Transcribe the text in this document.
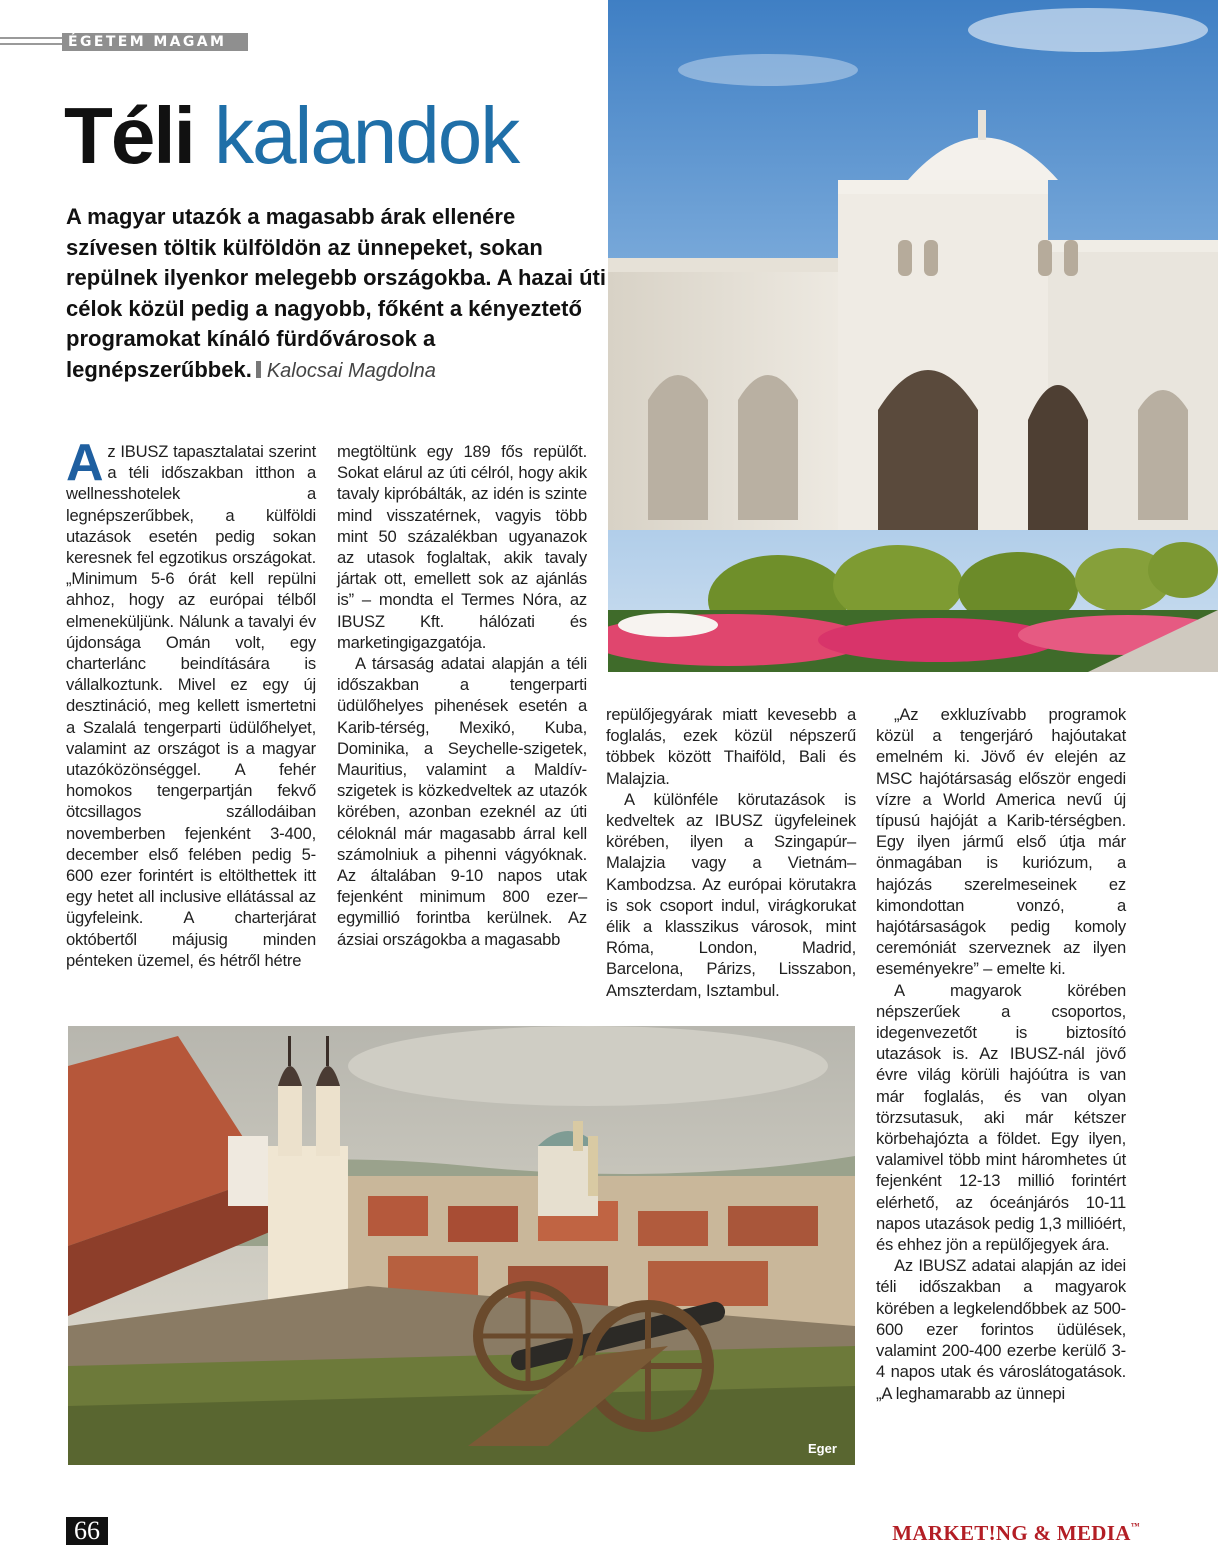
ÉGETEM MAGAM
Téli kalandok
A magyar utazók a magasabb árak ellenére szívesen töltik külföldön az ünnepeket, sokan repülnek ilyenkor melegebb országokba. A hazai úti célok közül pedig a nagyobb, főként a kényeztető programokat kínáló fürdővárosok a legnépszerűbbek. Kalocsai Magdolna

Az IBUSZ tapasztalatai szerint a téli időszakban itthon a wellnesshotelek a legnépszerűbbek, a külföldi utazások esetén pedig sokan keresnek fel egzotikus országokat. „Minimum 5-6 órát kell repülni ahhoz, hogy az európai télből elmeneküljünk. Nálunk a tavalyi év újdonsága Omán volt, egy charterlánc beindítására is vállalkoztunk. Mivel ez egy új desztináció, meg kellett ismertetni a Szalalá tengerparti üdülőhelyet, valamint az országot is a magyar utazóközönséggel. A fehér homokos tengerpartján fekvő ötcsillagos szállodáiban novemberben fejenként 3-400, december első felében pedig 5-600 ezer forintért is eltölthettek itt egy hetet all inclusive ellátással az ügyfeleink. A charterjárat októbertől májusig minden pénteken üzemel, és hétről hétre

megtöltünk egy 189 fős repülőt. Sokat elárul az úti célról, hogy akik tavaly kipróbálták, az idén is szinte mind visszatérnek, vagyis több mint 50 százalékban ugyanazok az utasok foglaltak, akik tavaly jártak ott, emellett sok az ajánlás is” – mondta el Termes Nóra, az IBUSZ Kft. hálózati és marketingigazgatója.

A társaság adatai alapján a téli időszakban a tengerparti üdülőhelyes pihenések esetén a Karib-térség, Mexikó, Kuba, Dominika, a Seychelle-szigetek, Mauritius, valamint a Maldív-szigetek is közkedveltek az utazók körében, azonban ezeknél az úti céloknál már magasabb árral kell számolniuk a pihenni vágyóknak. Az általában 9-10 napos utak fejenként minimum 800 ezer–egymillió forintba kerülnek. Az ázsiai országokba a magasabb

repülőjegyárak miatt kevesebb a foglalás, ezek közül népszerű többek között Thaiföld, Bali és Malajzia.

A különféle körutazások is kedveltek az IBUSZ ügyfeleinek körében, ilyen a Szingapúr–Malajzia vagy a Vietnám–Kambodzsa. Az európai körutakra is sok csoport indul, virágkorukat élik a klasszikus városok, mint Róma, London, Madrid, Barcelona, Párizs, Lisszabon, Amszterdam, Isztambul.

„Az exkluzívabb programok közül a tengerjáró hajóutakat emelném ki. Jövő év elején az MSC hajótársaság először engedi vízre a World America nevű új típusú hajóját a Karib-térségben. Egy ilyen jármű első útja már önmagában is kuriózum, a hajózás szerelmeseinek ez kimondottan vonzó, a hajótársaságok pedig komoly ceremóniát szerveznek az ilyen eseményekre” – emelte ki.

A magyarok körében népszerűek a csoportos, idegenvezetőt is biztosító utazások is. Az IBUSZ-nál jövő évre világ körüli hajóútra is van már foglalás, és van olyan törzsutasuk, aki már kétszer körbehajózta a földet. Egy ilyen, valamivel több mint háromhetes út fejenként 12-13 millió forintért elérhető, az óceánjárós 10-11 napos utazások pedig 1,3 millióért, és ehhez jön a repülőjegyek ára.

Az IBUSZ adatai alapján az idei téli időszakban a magyarok körében a legkelendőbbek az 500-600 ezer forintos üdülések, valamint 200-400 ezerbe kerülő 3-4 napos utak és városlátogatások. „A leghamarabb az ünnepi

Eger
66	MARKET!NG & MEDIA™
